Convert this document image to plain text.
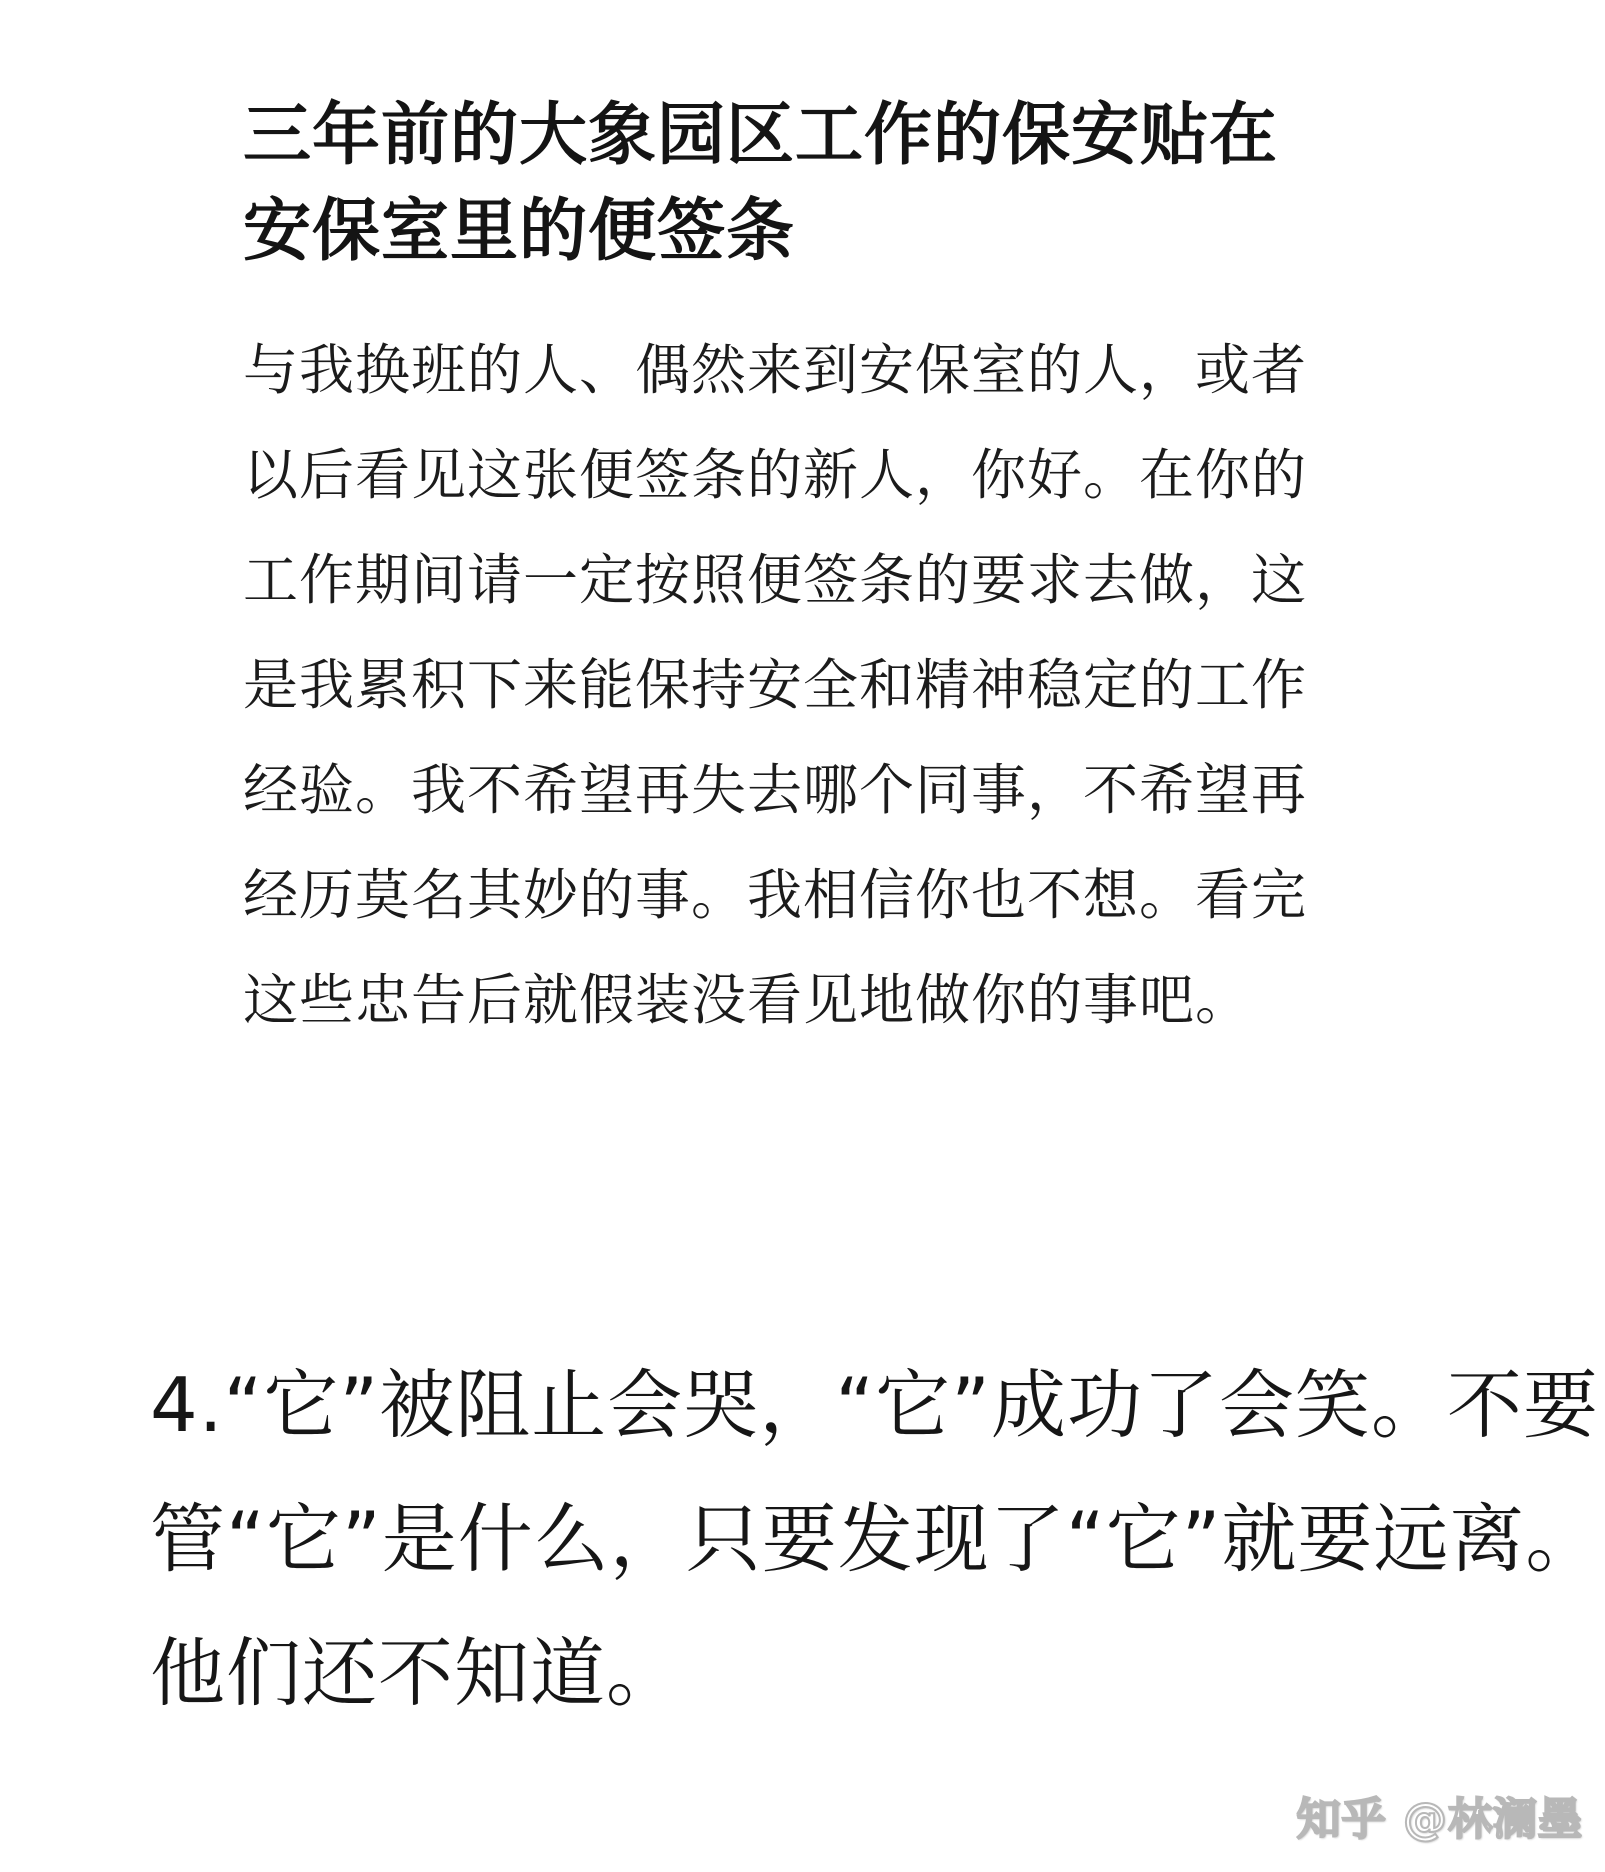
三年前的大象园区工作的保安贴在
安保室里的便签条
与我换班的人、偶然来到安保室的人，或者
以后看见这张便签条的新人，你好。在你的
工作期间请一定按照便签条的要求去做，这
是我累积下来能保持安全和精神稳定的工作
经验。我不希望再失去哪个同事，不希望再
经历莫名其妙的事。我相信你也不想。看完
这些忠告后就假装没看见地做你的事吧。
4.“它”被阻止会哭，“它”成功了会笑。不要
管“它”是什么，只要发现了“它”就要远离。
他们还不知道。
知乎 @林澜墨
